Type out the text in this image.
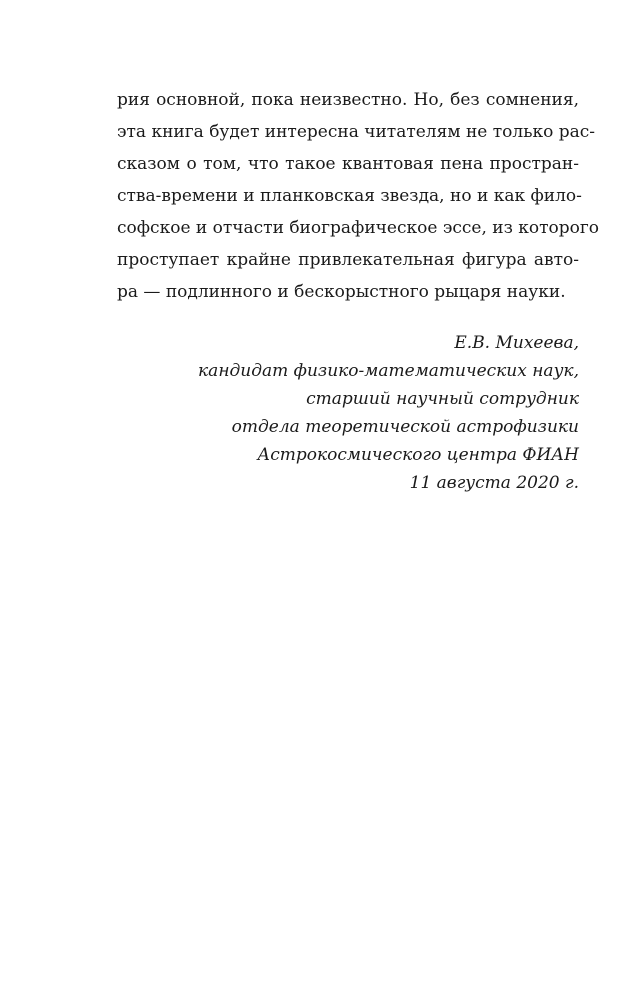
рия основной, пока неизвестно. Но, без сомнения,
эта книга будет интересна читателям не только рас-
сказом о том, что такое квантовая пена простран-
ства-времени и планковская звезда, но и как фило-
софское и отчасти биографическое эссе, из которого
проступает крайне привлекательная фигура авто-
ра — подлинного и бескорыстного рыцаря науки.

Е.В. Михеева,
кандидат физико-математических наук,
старший научный сотрудник
отдела теоретической астрофизики
Астрокосмического центра ФИАН
11 августа 2020 г.
